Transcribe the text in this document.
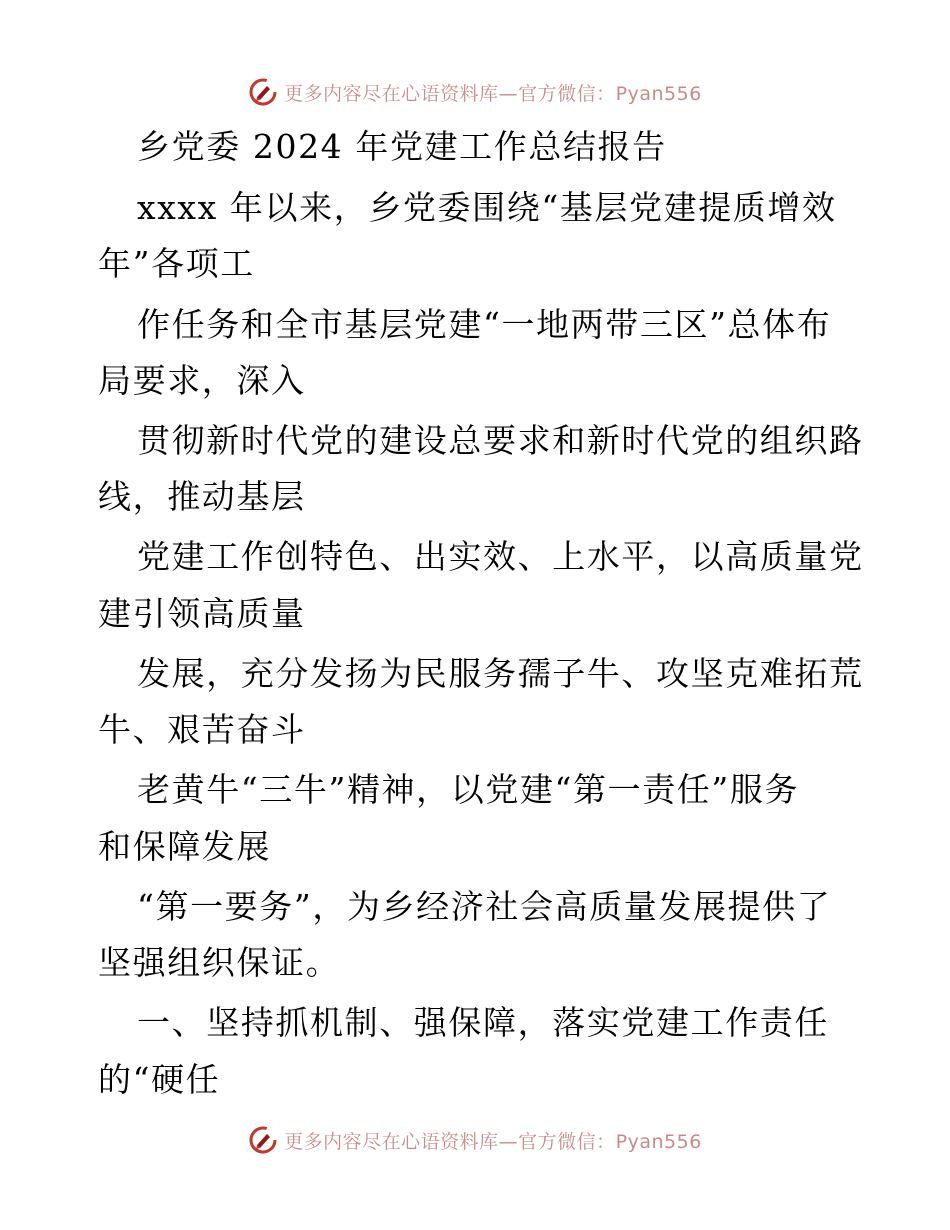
更多内容尽在心语资料库—官方微信：Pyan556
乡党委 2024 年党建工作总结报告
xxxx 年以来，乡党委围绕“基层党建提质增效
年”各项工
作任务和全市基层党建“一地两带三区”总体布
局要求，深入
贯彻新时代党的建设总要求和新时代党的组织路
线，推动基层
党建工作创特色、出实效、上水平，以高质量党
建引领高质量
发展，充分发扬为民服务孺子牛、攻坚克难拓荒
牛、艰苦奋斗
老黄牛“三牛”精神，以党建“第一责任”服务
和保障发展
“第一要务”，为乡经济社会高质量发展提供了
坚强组织保证。
一、坚持抓机制、强保障，落实党建工作责任
的“硬任
更多内容尽在心语资料库—官方微信：Pyan556
